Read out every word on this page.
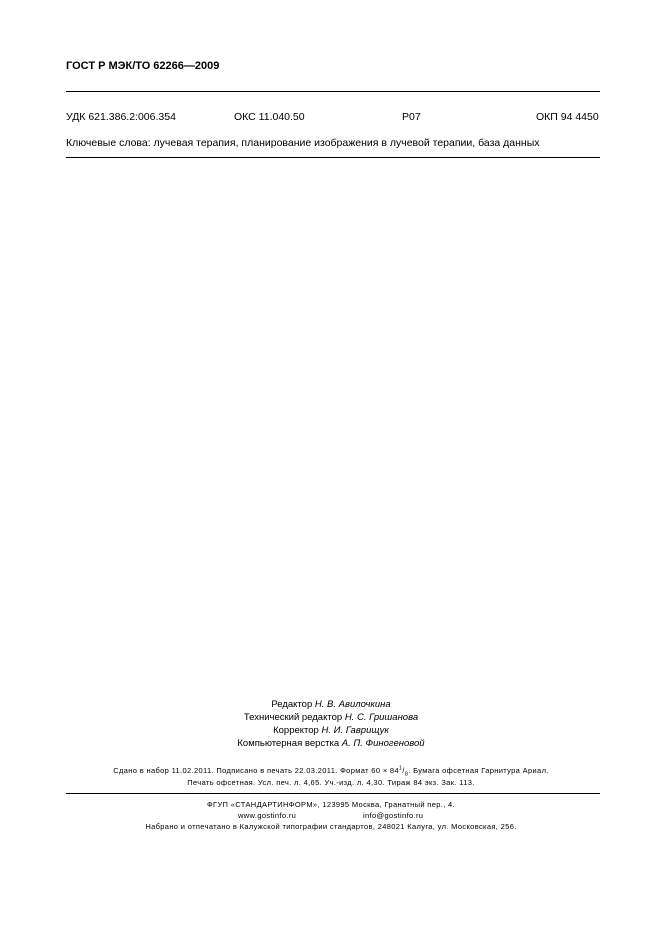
ГОСТ Р МЭК/ТО 62266—2009
УДК 621.386.2:006.354	ОКС 11.040.50	Р07	ОКП 94 4450
Ключевые слова: лучевая терапия, планирование изображения в лучевой терапии, база данных
Редактор Н. В. Авилочкина
Технический редактор Н. С. Гришанова
Корректор Н. И. Гаврищук
Компьютерная верстка А. П. Финогеновой
Сдано в набор 11.02.2011. Подписано в печать 22.03.2011. Формат $60 \times 84^1/_8$. Бумага офсетная Гарнитура Ариал.
Печать офсетная. Усл. печ. л. 4,65. Уч.-изд. л. 4,30. Тираж 84 экз. Зак. 113.
ФГУП «СТАНДАРТИНФОРМ», 123995 Москва, Гранатный пер., 4.
www.gostinfo.ru	info@gostinfo.ru
Набрано и отпечатано в Калужской типографии стандартов, 248021 Калуга, ул. Московская, 256.
